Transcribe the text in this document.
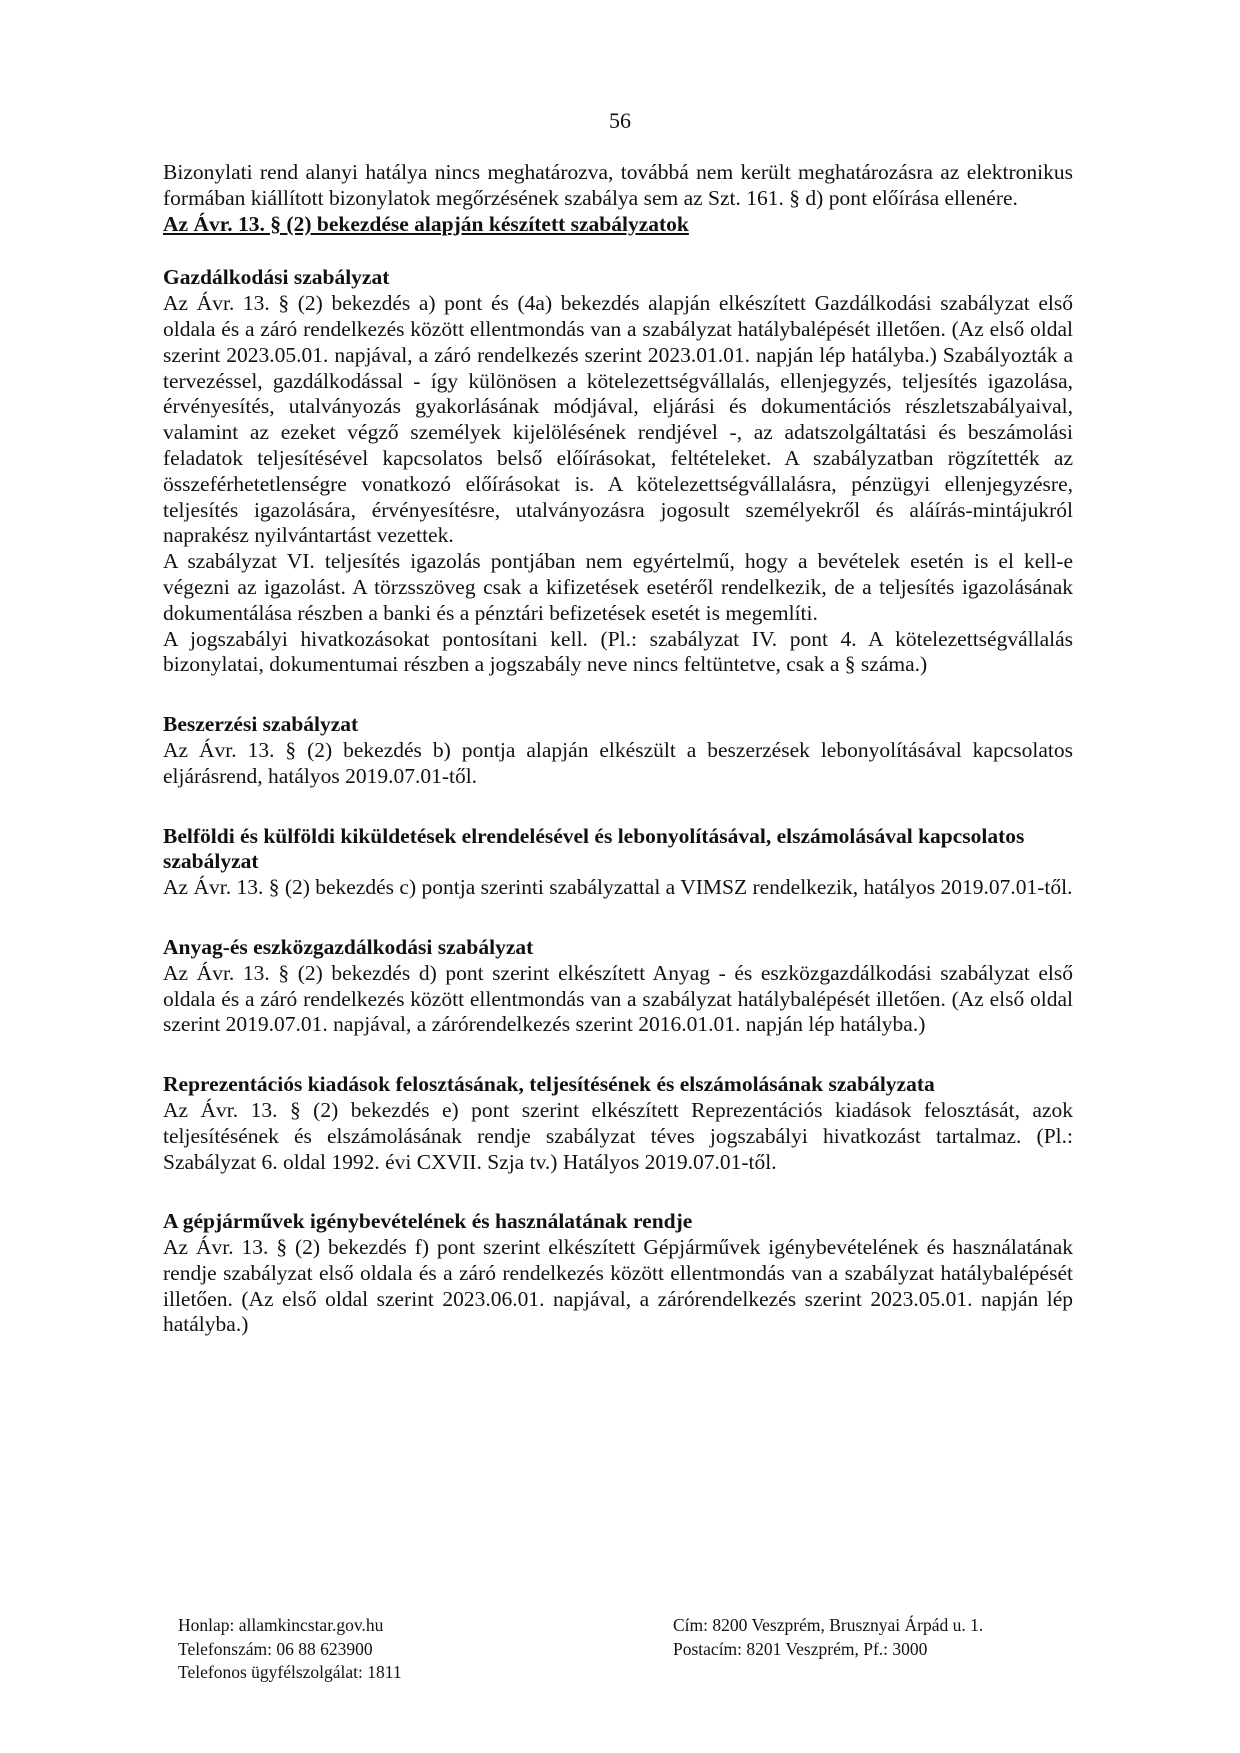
56

Bizonylati rend alanyi hatálya nincs meghatározva, továbbá nem került meghatározásra az elektronikus formában kiállított bizonylatok megőrzésének szabálya sem az Szt. 161. § d) pont előírása ellenére.

Az Ávr. 13. § (2) bekezdése alapján készített szabályzatok

Gazdálkodási szabályzat

Az Ávr. 13. § (2) bekezdés a) pont és (4a) bekezdés alapján elkészített Gazdálkodási szabályzat első oldala és a záró rendelkezés között ellentmondás van a szabályzat hatálybalépését illetően. (Az első oldal szerint 2023.05.01. napjával, a záró rendelkezés szerint 2023.01.01. napján lép hatályba.) Szabályozták a tervezéssel, gazdálkodással - így különösen a kötelezettségvállalás, ellenjegyzés, teljesítés igazolása, érvényesítés, utalványozás gyakorlásának módjával, eljárási és dokumentációs részletszabályaival, valamint az ezeket végző személyek kijelölésének rendjével -, az adatszolgáltatási és beszámolási feladatok teljesítésével kapcsolatos belső előírásokat, feltételeket. A szabályzatban rögzítették az összeférhetetlenségre vonatkozó előírásokat is. A kötelezettségvállalásra, pénzügyi ellenjegyzésre, teljesítés igazolására, érvényesítésre, utalványozásra jogosult személyekről és aláírás-mintájukról naprakész nyilvántartást vezettek.

A szabályzat VI. teljesítés igazolás pontjában nem egyértelmű, hogy a bevételek esetén is el kell-e végezni az igazolást. A törzsszöveg csak a kifizetések esetéről rendelkezik, de a teljesítés igazolásának dokumentálása részben a banki és a pénztári befizetések esetét is megemlíti.

A jogszabályi hivatkozásokat pontosítani kell. (Pl.: szabályzat IV. pont 4. A kötelezettségvállalás bizonylatai, dokumentumai részben a jogszabály neve nincs feltüntetve, csak a § száma.)

Beszerzési szabályzat

Az Ávr. 13. § (2) bekezdés b) pontja alapján elkészült a beszerzések lebonyolításával kapcsolatos eljárásrend, hatályos 2019.07.01-től.

Belföldi és külföldi kiküldetések elrendelésével és lebonyolításával, elszámolásával kapcsolatos szabályzat

Az Ávr. 13. § (2) bekezdés c) pontja szerinti szabályzattal a VIMSZ rendelkezik, hatályos 2019.07.01-től.

Anyag-és eszközgazdálkodási szabályzat

Az Ávr. 13. § (2) bekezdés d) pont szerint elkészített Anyag - és eszközgazdálkodási szabályzat első oldala és a záró rendelkezés között ellentmondás van a szabályzat hatálybalépését illetően. (Az első oldal szerint 2019.07.01. napjával, a zárórendelkezés szerint 2016.01.01. napján lép hatályba.)

Reprezentációs kiadások felosztásának, teljesítésének és elszámolásának szabályzata

Az Ávr. 13. § (2) bekezdés e) pont szerint elkészített Reprezentációs kiadások felosztását, azok teljesítésének és elszámolásának rendje szabályzat téves jogszabályi hivatkozást tartalmaz. (Pl.: Szabályzat 6. oldal 1992. évi CXVII. Szja tv.) Hatályos 2019.07.01-től.

A gépjárművek igénybevételének és használatának rendje

Az Ávr. 13. § (2) bekezdés f) pont szerint elkészített Gépjárművek igénybevételének és használatának rendje szabályzat első oldala és a záró rendelkezés között ellentmondás van a szabályzat hatálybalépését illetően. (Az első oldal szerint 2023.06.01. napjával, a zárórendelkezés szerint 2023.05.01. napján lép hatályba.)

Honlap: allamkincstar.gov.hu
Telefonszám: 06 88 623900
Telefonos ügyfélszolgálat: 1811
Cím: 8200 Veszprém, Brusznyai Árpád u. 1.
Postacím: 8201 Veszprém, Pf.: 3000
